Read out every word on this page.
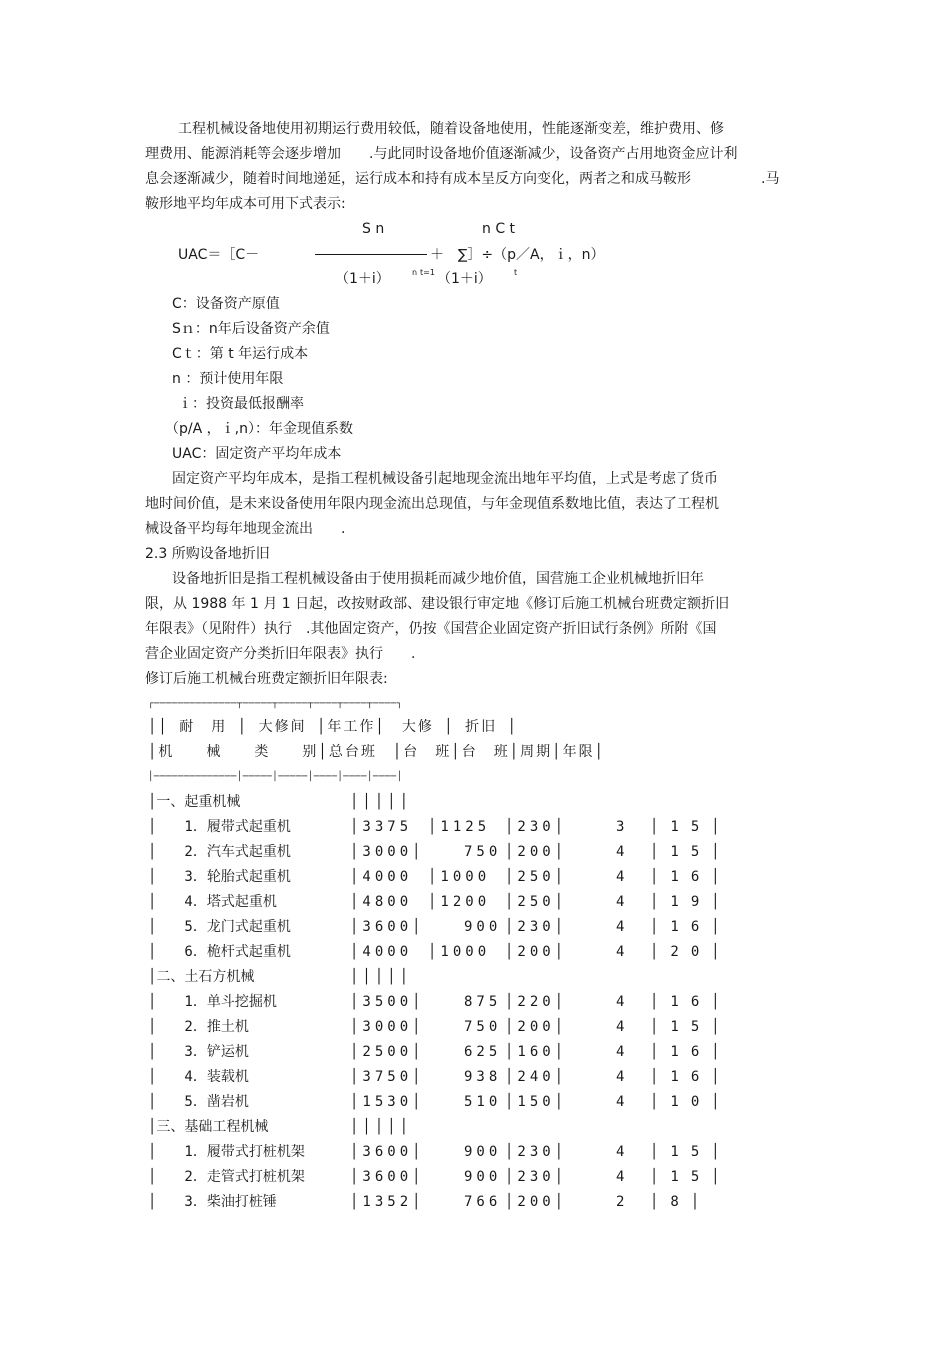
工程机械设备地使用初期运行费用较低，随着设备地使用，性能逐渐变差，维护费用、修
理费用、能源消耗等会逐步增加　　.与此同时设备地价值逐渐减少，设备资产占用地资金应计利
息会逐渐减少，随着时间地递延，运行成本和持有成本呈反方向变化，两者之和成马鞍形　　　　　.马
鞍形地平均年成本可用下式表示:
S n	n C t
UAC＝［C－	＋　∑］÷（p／A，ｉ，n）
（1＋i）	n t=1 （1＋i）	t
C：设备资产原值
Sｎ：n年后设备资产余值
Cｔ：第 t 年运行成本
n ：预计使用年限
ｉ：投资最低报酬率
（p/A ，ｉ,n）：年金现值系数
UAC：固定资产平均年成本
固定资产平均年成本，是指工程机械设备引起地现金流出地年平均值，上式是考虑了货币
地时间价值，是未来设备使用年限内现金流出总现值，与年金现值系数地比值，表达了工程机
械设备平均每年地现金流出　　.
2.3 所购设备地折旧
设备地折旧是指工程机械设备由于使用损耗而减少地价值，国营施工企业机械地折旧年
限，从 1988 年 1 月 1 日起，改按财政部、建设银行审定地《修订后施工机械台班费定额折旧
年限表》（见附件）执行　.其他固定资产，仍按《国营企业固定资产折旧试行条例》所附《国
营企业固定资产分类折旧年限表》执行　　.
修订后施工机械台班费定额折旧年限表:
┌──────────────┬─────┬─────┬────┬────┬────┐
││ 耐　用 │ 大修间 │年工作│　大修 │ 折旧 │
│机　　械　　类　　别│总台班　│台　班│台　班│周期│年限│
│──────────────│─────│─────│────│────│────│
│一、起重机械	│││││
│　　1．履带式起重机	│3375 │1125 │230│	3 │15│
│　　2．汽车式起重机	│3000│	750 │200│	4 │15│
│　　3．轮胎式起重机	│4000 │1000 │250│	4 │16│
│　　4．塔式起重机	│4800 │1200 │250│	4 │19│
│　　5．龙门式起重机	│3600│	900 │230│	4 │16│
│　　6．桅杆式起重机	│4000 │1000 │200│	4 │20│
│二、土石方机械	│││││
│　　1．单斗挖掘机	│3500│	875 │220│	4 │16│
│　　2．推土机	│3000│	750 │200│	4 │15│
│　　3．铲运机	│2500│	625 │160│	4 │16│
│　　4．装载机	│3750│	938 │240│	4 │16│
│　　5．凿岩机	│1530│	510 │150│	4 │10│
│三、基础工程机械	│││││
│　　1．履带式打桩机架	│3600│	900 │230│	4 │15│
│　　2．走管式打桩机架	│3600│	900 │230│	4 │15│
│　　3．柴油打桩锤	│1352│	766 │200│	2 │8│
